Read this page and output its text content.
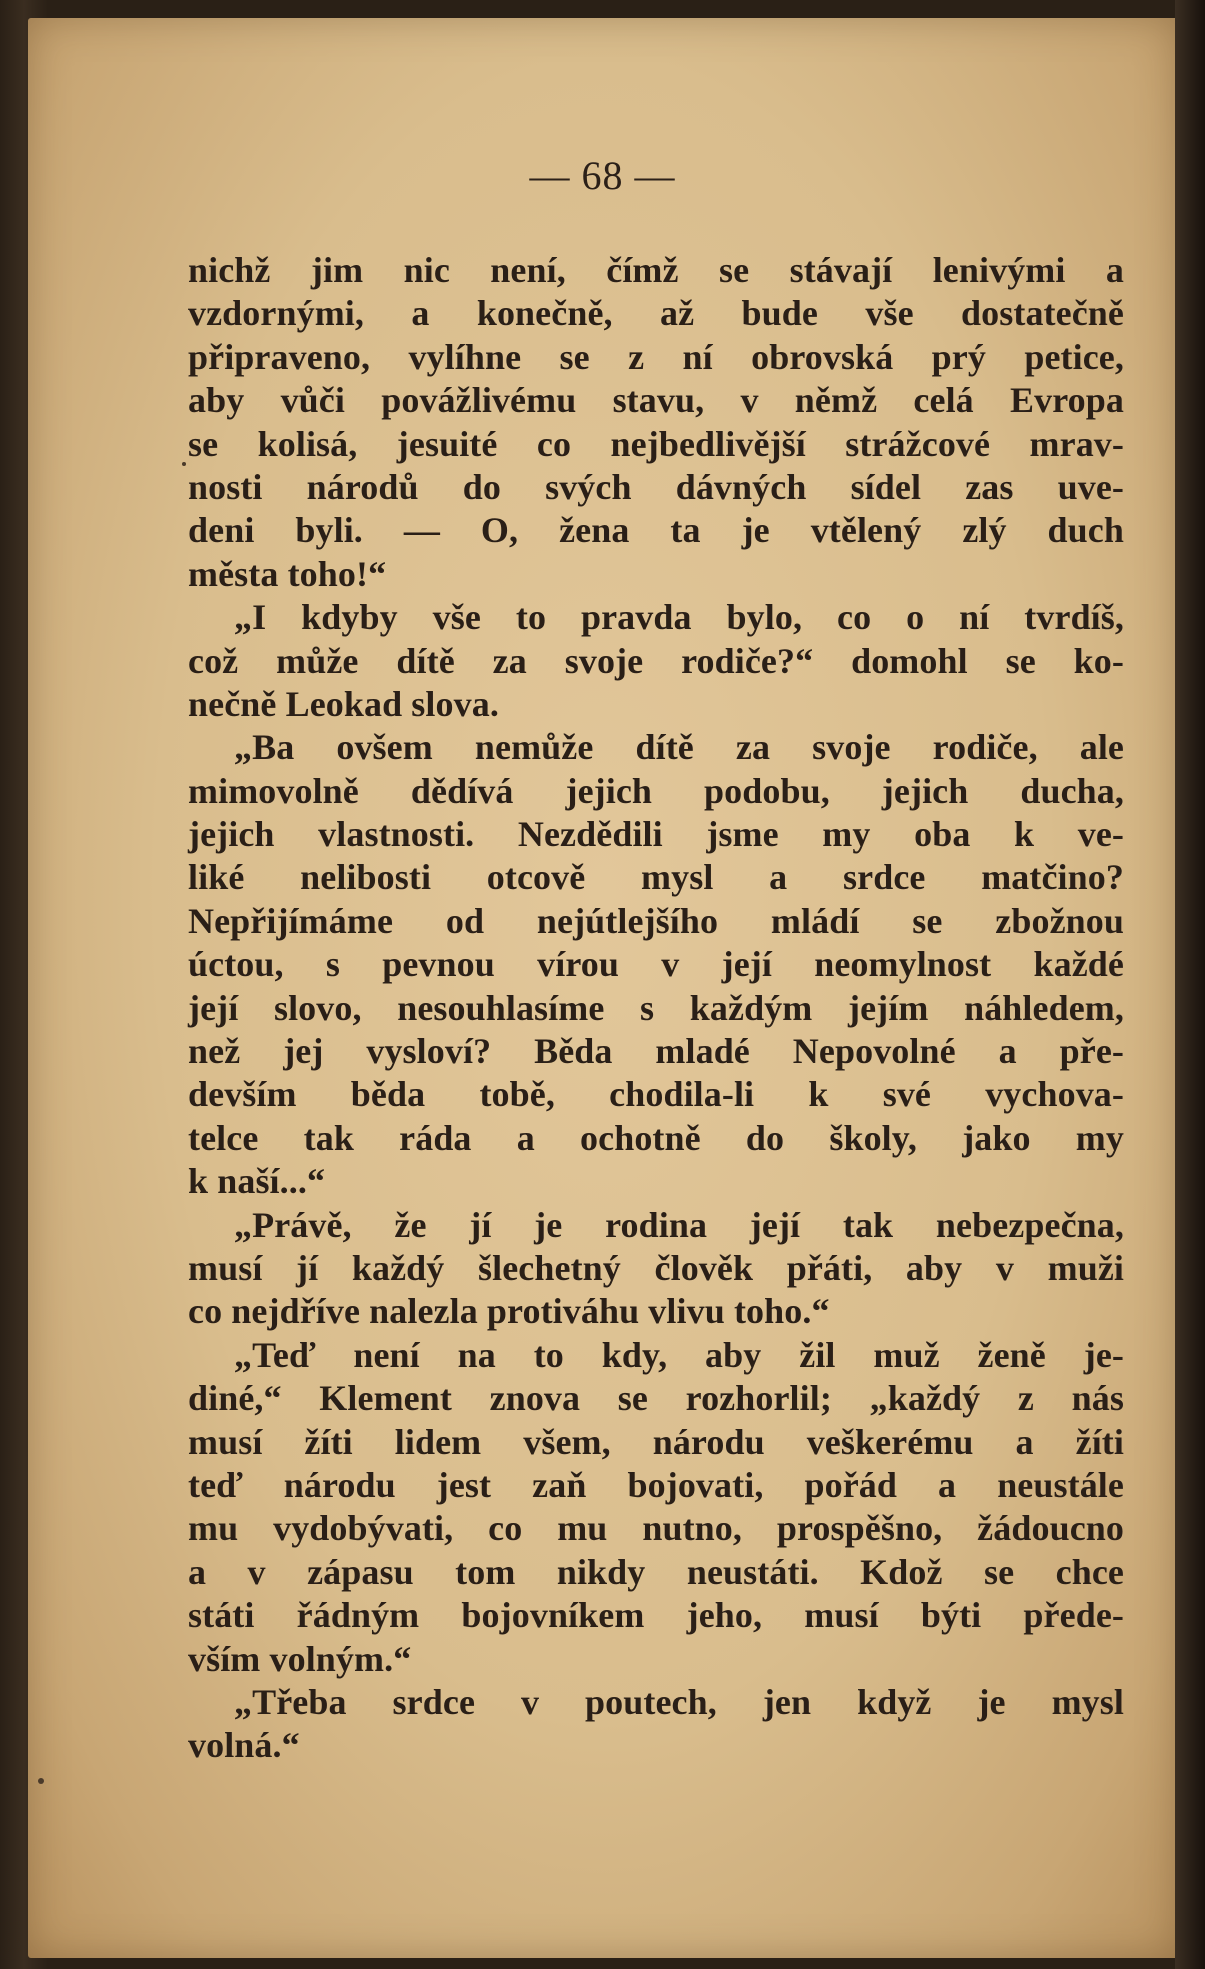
— 68 —
nichž jim nic není, čímž se stávají lenivými a
vzdornými, a konečně, až bude vše dostatečně
připraveno, vylíhne se z ní obrovská prý petice,
aby vůči povážlivému stavu, v němž celá Evropa
se kolisá, jesuité co nejbedlivější strážcové mrav-
nosti národů do svých dávných sídel zas uve-
deni byli. — O, žena ta je vtělený zlý duch
města toho!“
„I kdyby vše to pravda bylo, co o ní tvrdíš,
což může dítě za svoje rodiče?“ domohl se ko-
nečně Leokad slova.
„Ba ovšem nemůže dítě za svoje rodiče, ale
mimovolně dědívá jejich podobu, jejich ducha,
jejich vlastnosti. Nezdědili jsme my oba k ve-
liké nelibosti otcově mysl a srdce matčino?
Nepřijímáme od nejútlejšího mládí se zbožnou
úctou, s pevnou vírou v její neomylnost každé
její slovo, nesouhlasíme s každým jejím náhledem,
než jej vysloví? Běda mladé Nepovolné a pře-
devším běda tobě, chodila-li k své vychova-
telce tak ráda a ochotně do školy, jako my
k naší...“
„Právě, že jí je rodina její tak nebezpečna,
musí jí každý šlechetný člověk přáti, aby v muži
co nejdříve nalezla protiváhu vlivu toho.“
„Teď není na to kdy, aby žil muž ženě je-
diné,“ Klement znova se rozhorlil; „každý z nás
musí žíti lidem všem, národu veškerému a žíti
teď národu jest zaň bojovati, pořád a neustále
mu vydobývati, co mu nutno, prospěšno, žádoucno
a v zápasu tom nikdy neustáti. Kdož se chce
státi řádným bojovníkem jeho, musí býti přede-
vším volným.“
„Třeba srdce v poutech, jen když je mysl
volná.“
